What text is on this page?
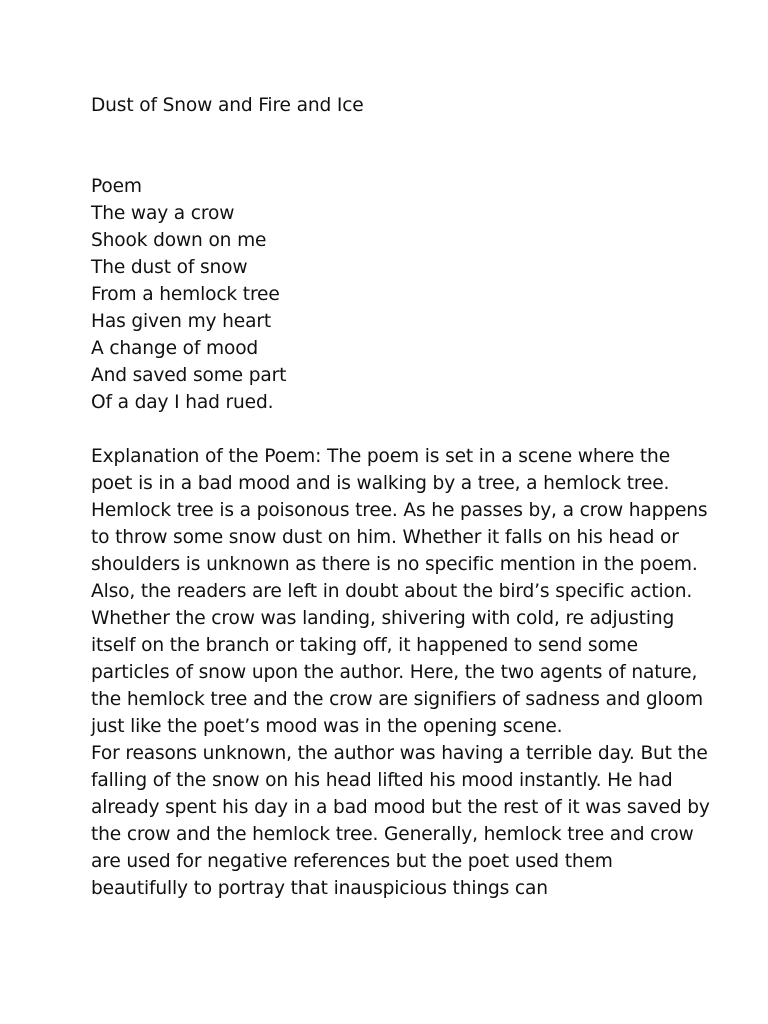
Dust of Snow and Fire and Ice
Poem
The way a crow
Shook down on me
The dust of snow
From a hemlock tree
Has given my heart
A change of mood
And saved some part
Of a day I had rued.

Explanation of the Poem: The poem is set in a scene where the poet is in a bad mood and is walking by a tree, a hemlock tree. Hemlock tree is a poisonous tree. As he passes by, a crow happens to throw some snow dust on him. Whether it falls on his head or shoulders is unknown as there is no specific mention in the poem. Also, the readers are left in doubt about the bird’s specific action. Whether the crow was landing, shivering with cold, re adjusting itself on the branch or taking off, it happened to send some particles of snow upon the author. Here, the two agents of nature, the hemlock tree and the crow are signifiers of sadness and gloom just like the poet’s mood was in the opening scene.

For reasons unknown, the author was having a terrible day. But the falling of the snow on his head lifted his mood instantly. He had already spent his day in a bad mood but the rest of it was saved by the crow and the hemlock tree. Generally, hemlock tree and crow are used for negative references but the poet used them beautifully to portray that inauspicious things can
